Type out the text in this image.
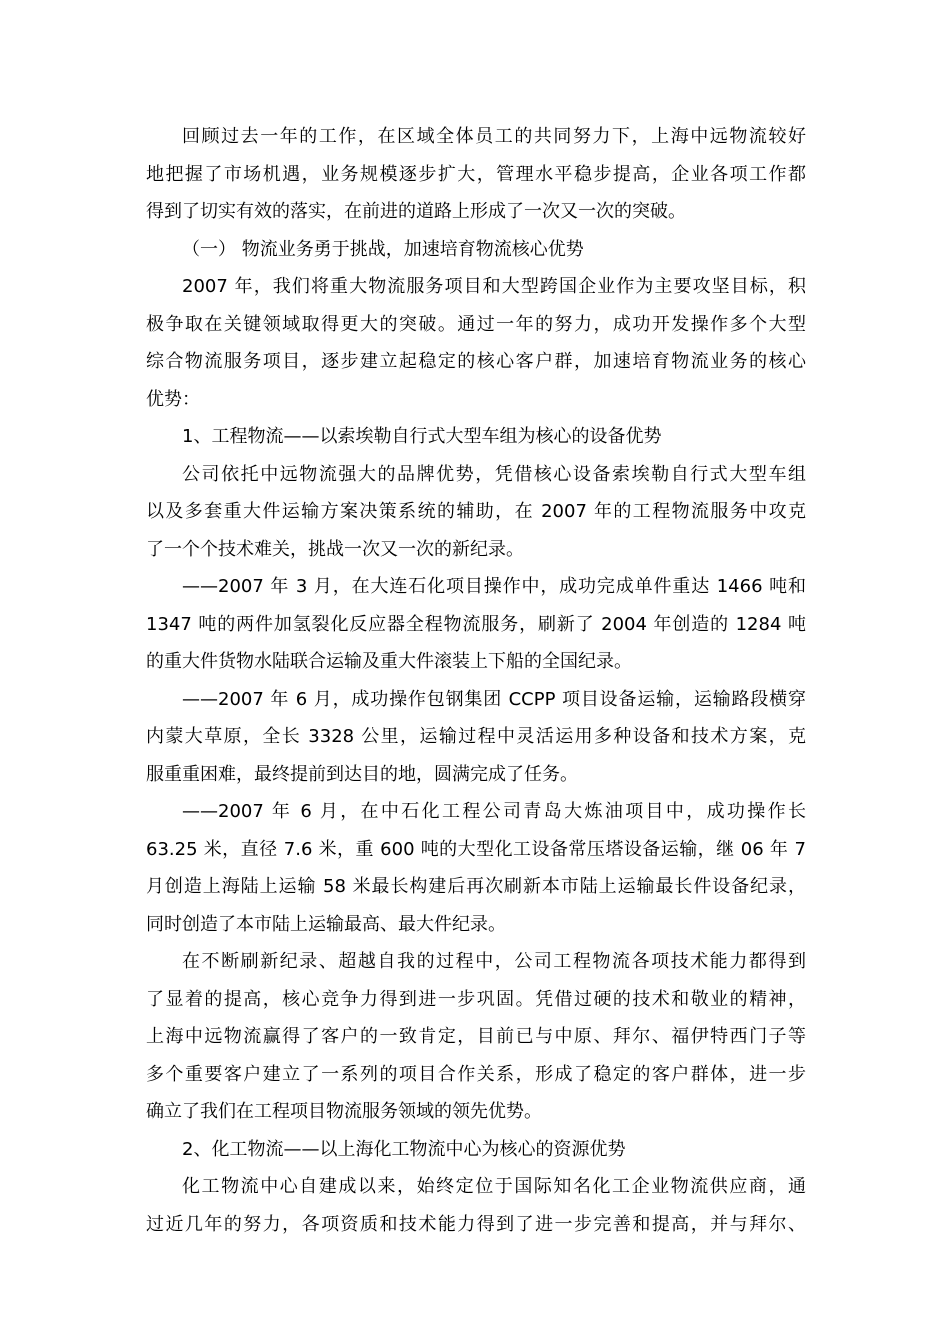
回顾过去一年的工作，在区域全体员工的共同努力下，上海中远物流较好
地把握了市场机遇，业务规模逐步扩大，管理水平稳步提高，企业各项工作都
得到了切实有效的落实，在前进的道路上形成了一次又一次的突破。
（一） 物流业务勇于挑战，加速培育物流核心优势
2007 年，我们将重大物流服务项目和大型跨国企业作为主要攻坚目标，积
极争取在关键领域取得更大的突破。通过一年的努力，成功开发操作多个大型
综合物流服务项目，逐步建立起稳定的核心客户群，加速培育物流业务的核心
优势：
1、工程物流——以索埃勒自行式大型车组为核心的设备优势
公司依托中远物流强大的品牌优势，凭借核心设备索埃勒自行式大型车组
以及多套重大件运输方案决策系统的辅助，在 2007 年的工程物流服务中攻克
了一个个技术难关，挑战一次又一次的新纪录。
——2007 年 3 月，在大连石化项目操作中，成功完成单件重达 1466 吨和
1347 吨的两件加氢裂化反应器全程物流服务，刷新了 2004 年创造的 1284 吨
的重大件货物水陆联合运输及重大件滚装上下船的全国纪录。
——2007 年 6 月，成功操作包钢集团 CCPP 项目设备运输，运输路段横穿
内蒙大草原，全长 3328 公里，运输过程中灵活运用多种设备和技术方案，克
服重重困难，最终提前到达目的地，圆满完成了任务。
——2007 年 6 月，在中石化工程公司青岛大炼油项目中，成功操作长
63.25 米，直径 7.6 米，重 600 吨的大型化工设备常压塔设备运输，继 06 年 7
月创造上海陆上运输 58 米最长构建后再次刷新本市陆上运输最长件设备纪录，
同时创造了本市陆上运输最高、最大件纪录。
在不断刷新纪录、超越自我的过程中，公司工程物流各项技术能力都得到
了显着的提高，核心竞争力得到进一步巩固。凭借过硬的技术和敬业的精神，
上海中远物流赢得了客户的一致肯定，目前已与中原、拜尔、福伊特西门子等
多个重要客户建立了一系列的项目合作关系，形成了稳定的客户群体，进一步
确立了我们在工程项目物流服务领域的领先优势。
2、化工物流——以上海化工物流中心为核心的资源优势
化工物流中心自建成以来，始终定位于国际知名化工企业物流供应商，通
过近几年的努力，各项资质和技术能力得到了进一步完善和提高，并与拜尔、
